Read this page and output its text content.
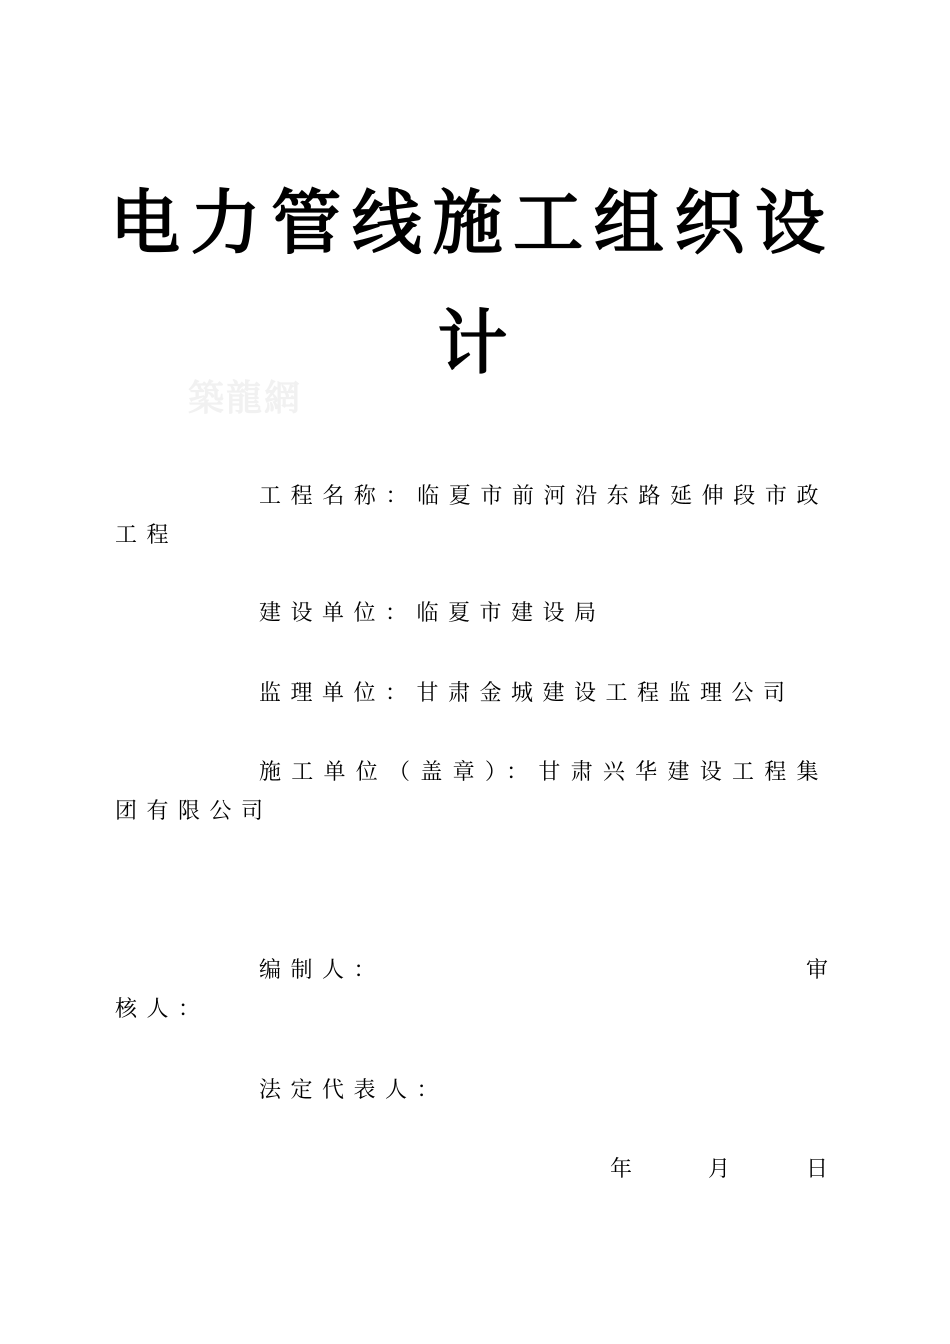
电力管线施工组织设
计
築龍網
工程名称：临夏市前河沿东路延伸段市政工程
建设单位：临夏市建设局
监理单位：甘肃金城建设工程监理公司
施工单位（盖章）：甘肃兴华建设工程集团有限公司
编制人：	审
核人：
法定代表人：
年	月	日
